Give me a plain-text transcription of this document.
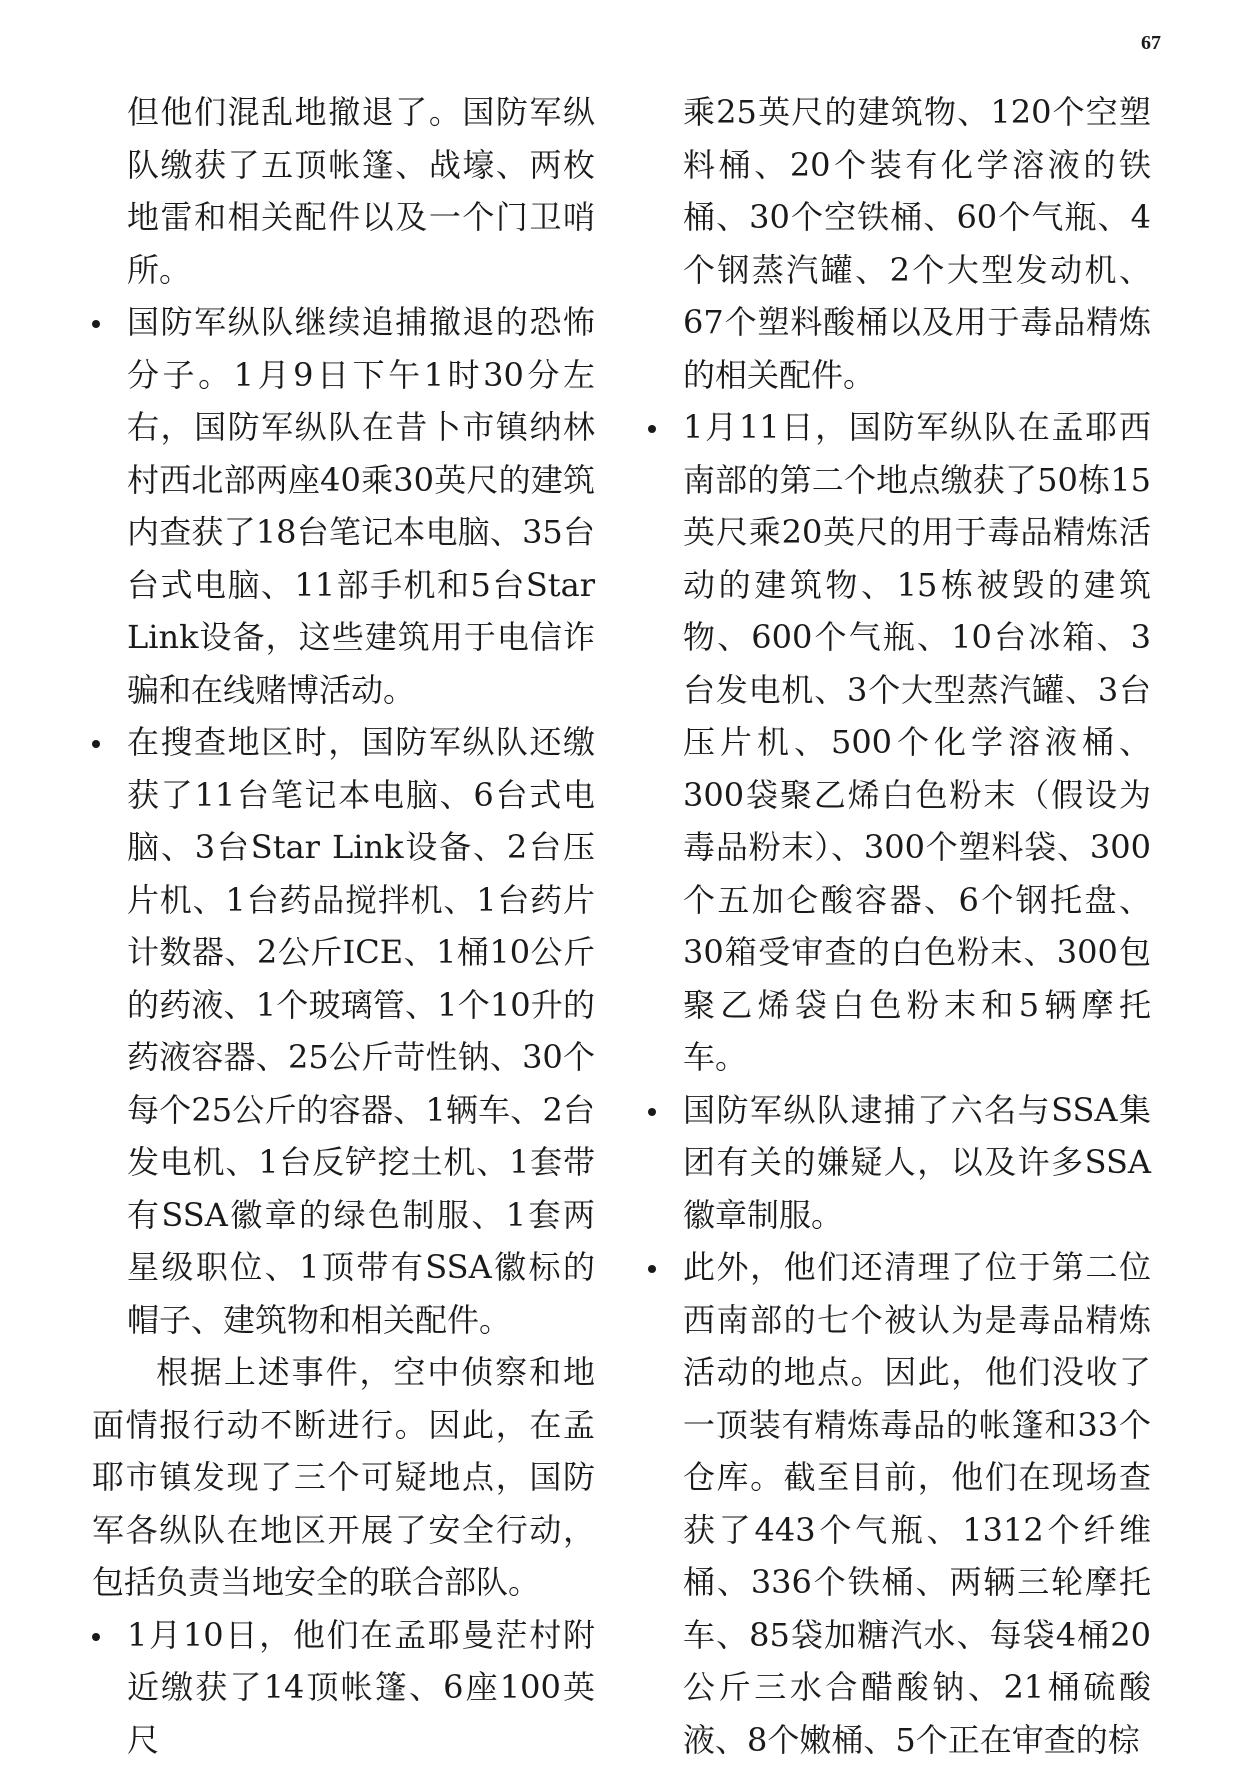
67

但他们混乱地撤退了。国防军纵队缴获了五顶帐篷、战壕、两枚地雷和相关配件以及一个门卫哨所。

国防军纵队继续追捕撤退的恐怖分子。1月9日下午1时30分左右，国防军纵队在昔卜市镇纳林村西北部两座40乘30英尺的建筑内查获了18台笔记本电脑、35台台式电脑、11部手机和5台Star Link设备，这些建筑用于电信诈骗和在线赌博活动。
在搜查地区时，国防军纵队还缴获了11台笔记本电脑、6台式电脑、3台Star Link设备、2台压片机、1台药品搅拌机、1台药片计数器、2公斤ICE、1桶10公斤的药液、1个玻璃管、1个10升的药液容器、25公斤苛性钠、30个每个25公斤的容器、1辆车、2台发电机、1台反铲挖土机、1套带有SSA徽章的绿色制服、1套两星级职位、1顶带有SSA徽标的帽子、建筑物和相关配件。

根据上述事件，空中侦察和地面情报行动不断进行。因此，在孟耶市镇发现了三个可疑地点，国防军各纵队在地区开展了安全行动，包括负责当地安全的联合部队。

1月10日，他们在孟耶曼茫村附近缴获了14顶帐篷、6座100英尺

乘25英尺的建筑物、120个空塑料桶、20个装有化学溶液的铁桶、30个空铁桶、60个气瓶、4个钢蒸汽罐、2个大型发动机、67个塑料酸桶以及用于毒品精炼的相关配件。

1月11日，国防军纵队在孟耶西南部的第二个地点缴获了50栋15英尺乘20英尺的用于毒品精炼活动的建筑物、15栋被毁的建筑物、600个气瓶、10台冰箱、3台发电机、3个大型蒸汽罐、3台压片机、500个化学溶液桶、300袋聚乙烯白色粉末（假设为毒品粉末）、300个塑料袋、300个五加仑酸容器、6个钢托盘、30箱受审查的白色粉末、300包聚乙烯袋白色粉末和5辆摩托车。
国防军纵队逮捕了六名与SSA集团有关的嫌疑人，以及许多SSA徽章制服。
此外，他们还清理了位于第二位西南部的七个被认为是毒品精炼活动的地点。因此，他们没收了一顶装有精炼毒品的帐篷和33个仓库。截至目前，他们在现场查获了443个气瓶、1312个纤维桶、336个铁桶、两辆三轮摩托车、85袋加糖汽水、每袋4桶20公斤三水合醋酸钠、21桶硫酸液、8个嫩桶、5个正在审查的棕
